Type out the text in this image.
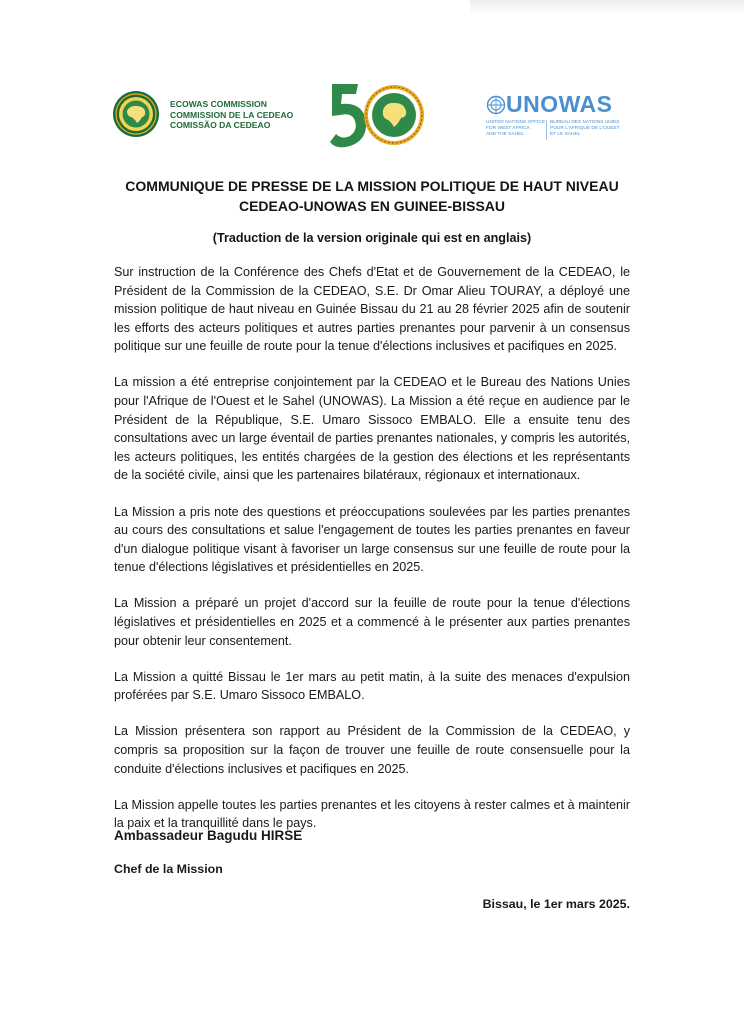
ECOWAS COMMISSION
COMMISSION DE LA CEDEAO
COMISSÃO DA CEDEAO
UNOWAS
UNITED NATIONS OFFICE
FOR WEST AFRICA
AND THE SAHEL
BUREAU DES NATIONS UNIES
POUR L'AFRIQUE DE L'OUEST
ET LE SAHEL
COMMUNIQUE DE PRESSE DE LA MISSION POLITIQUE DE HAUT NIVEAU
CEDEAO-UNOWAS EN GUINEE-BISSAU
(Traduction de la version originale qui est en anglais)

Sur instruction de la Conférence des Chefs d'Etat et de Gouvernement de la CEDEAO, le Président de la Commission de la CEDEAO, S.E. Dr Omar Alieu TOURAY, a déployé une mission politique de haut niveau en Guinée Bissau du 21 au 28 février 2025 afin de soutenir les efforts des acteurs politiques et autres parties prenantes pour parvenir à un consensus politique sur une feuille de route pour la tenue d'élections inclusives et pacifiques en 2025.

La mission a été entreprise conjointement par la CEDEAO et le Bureau des Nations Unies pour l'Afrique de l'Ouest et le Sahel (UNOWAS). La Mission a été reçue en audience par le Président de la République, S.E. Umaro Sissoco EMBALO. Elle a ensuite tenu des consultations avec un large éventail de parties prenantes nationales, y compris les autorités, les acteurs politiques, les entités chargées de la gestion des élections et les représentants de la société civile, ainsi que les partenaires bilatéraux, régionaux et internationaux.

La Mission a pris note des questions et préoccupations soulevées par les parties prenantes au cours des consultations et salue l'engagement de toutes les parties prenantes en faveur d'un dialogue politique visant à favoriser un large consensus sur une feuille de route pour la tenue d'élections législatives et présidentielles en 2025.

La Mission a préparé un projet d'accord sur la feuille de route pour la tenue d'élections législatives et présidentielles en 2025 et a commencé à le présenter aux parties prenantes pour obtenir leur consentement.

La Mission a quitté Bissau le 1er mars au petit matin, à la suite des menaces d'expulsion proférées par S.E. Umaro Sissoco EMBALO.

La Mission présentera son rapport au Président de la Commission de la CEDEAO, y compris sa proposition sur la façon de trouver une feuille de route consensuelle pour la conduite d'élections inclusives et pacifiques en 2025.

La Mission appelle toutes les parties prenantes et les citoyens à rester calmes et à maintenir la paix et la tranquillité dans le pays.

Ambassadeur Bagudu HIRSE
Chef de la Mission
Bissau, le 1er mars 2025.
